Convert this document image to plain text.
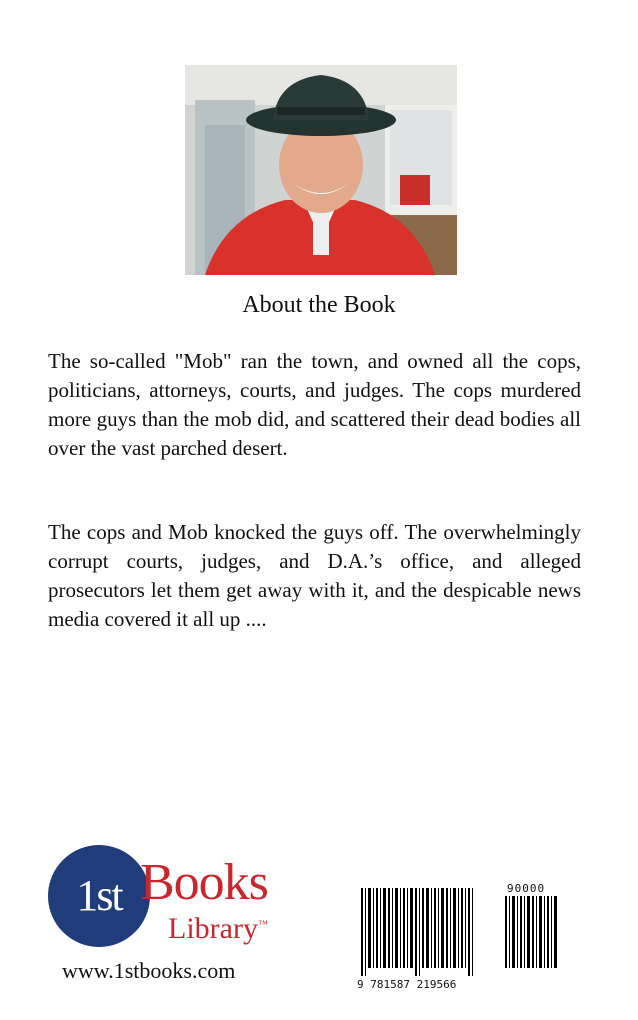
About the Book

The so-called "Mob" ran the town, and owned all the cops, politicians, attorneys, courts, and judges. The cops murdered more guys than the mob did, and scattered their dead bodies all over the vast parched desert.

The cops and Mob knocked the guys off. The overwhelmingly corrupt courts, judges, and D.A.’s office, and alleged prosecutors let them get away with it, and the despicable news media covered it all up ....

1st Books
Library™
www.1stbooks.com
90000
9 781587 219566
